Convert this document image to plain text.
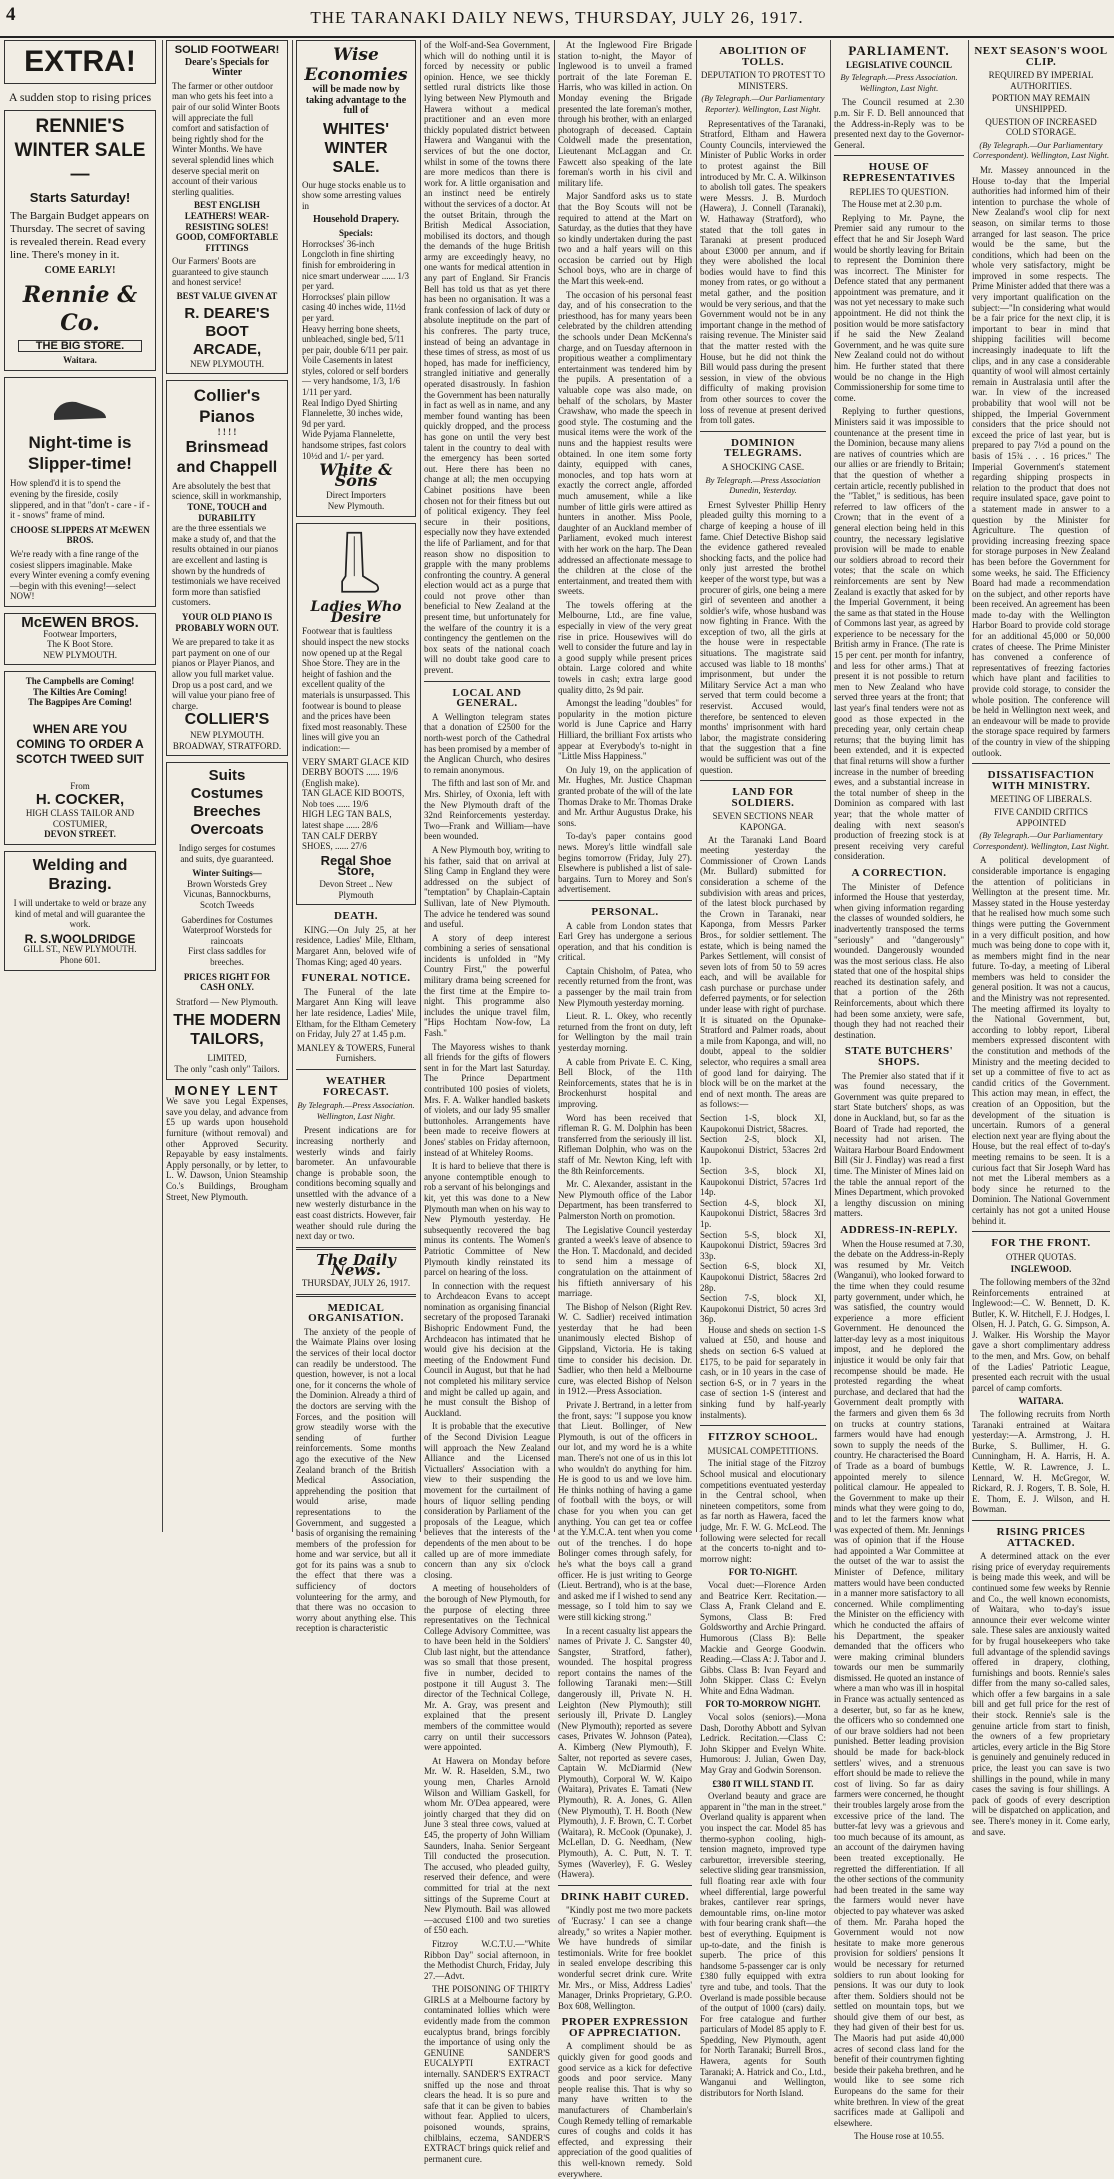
4	THE TARANAKI DAILY NEWS, THURSDAY, JULY 26, 1917.
EXTRA!
A sudden stop to rising prices
RENNIE'S WINTER SALE—
Starts Saturday!
The Bargain Budget appears on Thursday. The secret of saving is revealed therein. Read every line. There's money in it.
COME EARLY!
Rennie & Co.
THE BIG STORE.
Waitara.
Night-time is Slipper-time!
How splend'd it is to spend the evening by the fireside, cosily slippered, and in that "don't - care - if - it - snows" frame of mind.
CHOOSE SLIPPERS AT McEWEN BROS.
We're ready with a fine range of the cosiest slippers imaginable. Make every Winter evening a comfy evening—begin with this evening!—select NOW!
McEWEN BROS.
Footwear Importers,
The K Boot Store.
NEW PLYMOUTH.
The Campbells are Coming!
The Kilties Are Coming!
The Bagpipes Are Coming!
WHEN ARE YOU COMING TO ORDER A SCOTCH TWEED SUIT
From
H. COCKER,
HIGH CLASS TAILOR AND COSTUMIER,
DEVON STREET.
Welding and Brazing.
I will undertake to weld or braze any kind of metal and will guarantee the work.
R. S.WOOLDRIDGE
GILL ST., NEW PLYMOUTH.
Phone 601.
SOLID FOOTWEAR!
Deare's Specials for Winter
The farmer or other outdoor man who gets his feet into a pair of our solid Winter Boots will appreciate the full comfort and satisfaction of being rightly shod for the Winter Months. We have several splendid lines which deserve special merit on account of their various sterling qualities.
BEST ENGLISH LEATHERS! WEAR-RESISTING SOLES! GOOD, COMFORTABLE FITTINGS
Our Farmers' Boots are guaranteed to give staunch and honest service!
BEST VALUE GIVEN AT
R. DEARE'S BOOT ARCADE,
NEW PLYMOUTH.
Collier's Pianos
! ! ! !
Brinsmead and Chappell
Are absolutely the best that science, skill in workmanship,
TONE, TOUCH and DURABILITY
are the three essentials we make a study of, and that the results obtained in our pianos are excellent and lasting is shown by the hundreds of testimonials we have received form more than satisfied customers.
YOUR OLD PIANO IS PROBABLY WORN OUT.
We are prepared to take it as part payment on one of our pianos or Player Pianos, and allow you full market value. Drop us a post card, and we will value your piano free of charge.
COLLIER'S
NEW PLYMOUTH. BROADWAY, STRATFORD.
Suits Costumes Breeches Overcoats
Indigo serges for costumes and suits, dye guaranteed.
Winter Suitings—
Brown Worsteds Grey Vicunas, Bannockburns, Scotch Tweeds
Gaberdines for Costumes
Waterproof Worsteds for raincoats
First class saddles for breeches.
PRICES RIGHT FOR CASH ONLY.
Stratford — New Plymouth.
THE MODERN TAILORS,
LIMITED,
The only "cash only" Tailors.
MONEY LENT
We save you Legal Expenses, save you delay, and advance from £5 up wards upon household furniture (without removal) and other Approved Security. Repayable by easy instalments. Apply personally, or by letter, to L. W. Dawson, Union Steamship Co.'s Buildings, Brougham Street, New Plymouth.
Wise Economies
will be made now by taking advantage to the full of
WHITES' WINTER SALE.
Our huge stocks enable us to show some arresting values in
Household Drapery.
Specials:
Horrockses' 36-inch Longcloth in fine shirting finish for embroidering in nice smart underwear ...... 1/3 per yard.
Horrockses' plain pillow casing 40 inches wide, 11½d per yard.
Heavy herring bone sheets, unbleached, single bed, 5/11 per pair, double 6/11 per pair.
Voile Casements in latest styles, colored or self borders — very handsome, 1/3, 1/6 1/11 per yard.
Real Indigo Dyed Shirting Flannelette, 30 inches wide, 9d per yard.
Wide Pyjama Flannelette, handsome stripes, fast colors 10½d and 1/- per yard.
White & Sons
Direct Importers
New Plymouth.
Ladies Who Desire
Footwear that is faultless should inspect the new stocks now opened up at the Regal Shoe Store. They are in the height of fashion and the excellent quality of the materials is unsurpassed. This footwear is bound to please and the prices have been fixed most reasonably. These lines will give you an indication:—
VERY SMART GLACE KID DERBY BOOTS ...... 19/6
(English make).
TAN GLACE KID BOOTS, Nob toes ...... 19/6
HIGH LEG TAN BALS, latest shape ...... 28/6
TAN CALF DERBY SHOES, ...... 27/6
Regal Shoe Store,
Devon Street .. New Plymouth
DEATH.

KING.—On July 25, at her residence, Ladies' Mile, Eltham, Margaret Ann, beloved wife of Thomas King; aged 40 years.

FUNERAL NOTICE.

The Funeral of the late Margaret Ann King will leave her late residence, Ladies' Mile, Eltham, for the Eltham Cemetery on Friday, July 27 at 1.45 p.m.

MANLEY & TOWERS, Funeral Furnishers.
WEATHER FORECAST.
By Telegraph.—Press Association. Wellington, Last Night.

Present indications are for increasing northerly and westerly winds and fairly barometer. An unfavourable change is probable soon, the conditions becoming squally and unsettled with the advance of a new westerly disturbance in the east coast districts. However, fair weather should rule during the next day or two.

The Daily News.
THURSDAY, JULY 26, 1917.
MEDICAL ORGANISATION.

The anxiety of the people of the Waimate Plains over losing the services of their local doctor can readily be understood. The question, however, is not a local one, for it concerns the whole of the Dominion. Already a third of the doctors are serving with the Forces, and the position will grow steadily worse with the sending of further reinforcements. Some months ago the executive of the New Zealand branch of the British Medical Association, apprehending the position that would arise, made representations to the Government, and suggested a basis of organising the remaining members of the profession for home and war service, but all it got for its pains was a snub to the effect that there was a sufficiency of doctors volunteering for the army, and that there was no occasion to worry about anything else. This reception is characteristic

of the Wolf-and-Sea Government, which will do nothing until it is forced by necessity or public opinion. Hence, we see thickly settled rural districts like those lying between New Plymouth and Hawera without a medical practitioner and an even more thickly populated district between Hawera and Wanganui with the services of but the one doctor, whilst in some of the towns there are more medicos than there is work for. A little organisation and an instinct need be entirely without the services of a doctor. At the outset Britain, through the British Medical Association, mobilised its doctors, and though the demands of the huge British army are exceedingly heavy, no one wants for medical attention in any part of England. Sir Francis Bell has told us that as yet there has been no organisation. It was a frank confession of lack of duty or absolute ineptitude on the part of his confreres. The party truce, instead of being an advantage in these times of stress, as most of us hoped, has made for inefficiency, strangled initiative and generally operated disastrously. In fashion the Government has been naturally in fact as well as in name, and any member found wanting has been quickly dropped, and the process has gone on until the very best talent in the country to deal with the emergency has been sorted out. Here there has been no change at all; the men occupying Cabinet positions have been chosen not for their fitness but out of political exigency. They feel secure in their positions, especially now they have extended the life of Parliament, and for that reason show no disposition to grapple with the many problems confronting the country. A general election would act as a purge that could not prove other than beneficial to New Zealand at the present time, but unfortunately for the welfare of the country it is a contingency the gentlemen on the box seats of the national coach will no doubt take good care to prevent.

LOCAL AND GENERAL.

A Wellington telegram states that a donation of £2500 for the north-west porch of the Cathedral has been promised by a member of the Anglican Church, who desires to remain anonymous.

The fifth and last son of Mr. and Mrs. Shirley, of Oxonia, left with the New Plymouth draft of the 32nd Reinforcements yesterday. Two—Frank and William—have been wounded.

A New Plymouth boy, writing to his father, said that on arrival at Sling Camp in England they were addressed on the subject of "temptation" by Chaplain-Captain Sullivan, late of New Plymouth. The advice he tendered was sound and useful.

A story of deep interest combining a series of sensational incidents is unfolded in "My Country First," the powerful military drama being screened for the first time at the Empire to-night. This programme also includes the unique travel film, "Hips Hochtam Now-fow, La Fash."

The Mayoress wishes to thank all friends for the gifts of flowers sent in for the Mart last Saturday. The Prince Department contributed 100 posies of violets, Mrs. F. A. Walker handled baskets of violets, and our lady 95 smaller buttonholes. Arrangements have been made to receive flowers at Jones' stables on Friday afternoon, instead of at Whiteley Rooms.

It is hard to believe that there is anyone contemptible enough to rob a servant of his belongings and kit, yet this was done to a New Plymouth man when on his way to New Plymouth yesterday. He subsequently recovered the bag minus its contents. The Women's Patriotic Committee of New Plymouth kindly reinstated its parcel on hearing of the loss.

In connection with the request to Archdeacon Evans to accept nomination as organising financial secretary of the proposed Taranaki Bishopric Endowment Fund, the Archdeacon has intimated that he would give his decision at the meeting of the Endowment Fund Council in August, but that he had not completed his military service and might be called up again, and he must consult the Bishop of Auckland.

It is probable that the executive of the Second Division League will approach the New Zealand Alliance and the Licensed Victuallers' Association with a view to their suspending the movement for the curtailment of hours of liquor selling pending consideration by Parliament of the proposals of the League, which believes that the interests of the dependents of the men about to be called up are of more immediate concern than any six o'clock closing.

A meeting of householders of the borough of New Plymouth, for the purpose of electing three representatives on the Technical College Advisory Committee, was to have been held in the Soldiers' Club last night, but the attendance was so small that those present, five in number, decided to postpone it till August 3. The director of the Technical College, Mr. A. Gray, was present and explained that the present members of the committee would carry on until their successors were appointed.

At Hawera on Monday before Mr. W. R. Haselden, S.M., two young men, Charles Arnold Wilson and William Gaskell, for whom Mr. O'Dea appeared, were jointly charged that they did on June 3 steal three cows, valued at £45, the property of John William Saunders, Inaha. Senior Sergeant Till conducted the prosecution. The accused, who pleaded guilty, reserved their defence, and were committed for trial at the next sittings of the Supreme Court at New Plymouth. Bail was allowed—accused £100 and two sureties of £50 each.

Fitzroy W.C.T.U.—"White Ribbon Day" social afternoon, in the Methodist Church, Friday, July 27.—Advt.

THE POISONING OF THIRTY GIRLS at a Melbourne factory by contaminated lollies which were evidently made from the common eucalyptus brand, brings forcibly the importance of using only the GENUINE SANDER'S EUCALYPTI EXTRACT internally. SANDER'S EXTRACT sniffed up the nose and throat clears the head. It is so pure and safe that it can be given to babies without fear. Applied to ulcers, poisoned wounds, sprains, chilblains, eczema, SANDER'S EXTRACT brings quick relief and permanent cure.

At the Inglewood Fire Brigade station to-night, the Mayor of Inglewood is to unveil a framed portrait of the late Foreman E. Harris, who was killed in action. On Monday evening the Brigade presented the late foreman's mother, through his brother, with an enlarged photograph of deceased. Captain Coldwell made the presentation, Lieutenant McLaggan and Cr. Fawcett also speaking of the late foreman's worth in his civil and military life.

Major Sandford asks us to state that the Boy Scouts will not be required to attend at the Mart on Saturday, as the duties that they have so kindly undertaken during the past two and a half years will on this occasion be carried out by High School boys, who are in charge of the Mart this week-end.

The occasion of his personal feast day, and of his consecration to the priesthood, has for many years been celebrated by the children attending the schools under Dean McKenna's charge, and on Tuesday afternoon in propitious weather a complimentary entertainment was tendered him by the pupils. A presentation of a valuable cope was also made, on behalf of the scholars, by Master Crawshaw, who made the speech in good style. The costuming and the musical items were the work of the nuns and the happiest results were obtained. In one item some forty dainty, equipped with canes, monocles, and top hats worn at exactly the correct angle, afforded much amusement, while a like number of little girls were attired as hunters in another. Miss Poole, daughter of an Auckland member of Parliament, evoked much interest with her work on the harp. The Dean addressed an affectionate message to the children at the close of the entertainment, and treated them with sweets.

The towels offering at the Melbourne, Ltd., are fine value, especially in view of the very great rise in price. Housewives will do well to consider the future and lay in a good supply while present prices obtain. Large colored and white towels in cash; extra large good quality ditto, 2s 9d pair.

Amongst the leading "doubles" for popularity in the motion picture world is June Caprice and Harry Hilliard, the brilliant Fox artists who appear at Everybody's to-night in "Little Miss Happiness."

On July 19, on the application of Mr. Hughes, Mr. Justice Chapman granted probate of the will of the late Thomas Drake to Mr. Thomas Drake and Mr. Arthur Augustus Drake, his sons.

To-day's paper contains good news. Morey's little windfall sale begins tomorrow (Friday, July 27). Elsewhere is published a list of sale-bargains. Turn to Morey and Son's advertisement.

PERSONAL.

A cable from London states that Earl Grey has undergone a serious operation, and that his condition is critical.

Captain Chisholm, of Patea, who recently returned from the front, was a passenger by the mail train from New Plymouth yesterday morning.

Lieut. R. L. Okey, who recently returned from the front on duty, left for Wellington by the mail train yesterday morning.

A cable from Private E. C. King, Bell Block, of the 11th Reinforcements, states that he is in Brockenhurst hospital and improving.

Word has been received that rifleman R. G. M. Dolphin has been transferred from the seriously ill list. Rifleman Dolphin, who was on the staff of Mr. Newton King, left with the 8th Reinforcements.

Mr. C. Alexander, assistant in the New Plymouth office of the Labor Department, has been transferred to Palmerston North on promotion.

The Legislative Council yesterday granted a week's leave of absence to the Hon. T. Macdonald, and decided to send him a message of congratulation on the attainment of his fiftieth anniversary of his marriage.

The Bishop of Nelson (Right Rev. W. C. Sadlier) received intimation yesterday that he had been unanimously elected Bishop of Gippsland, Victoria. He is taking time to consider his decision. Dr. Sadlier, who then held a Melbourne cure, was elected Bishop of Nelson in 1912.—Press Association.

Private J. Bertrand, in a letter from the front, says: "I suppose you know that Lieut. Bollinger, of New Plymouth, is out of the officers in our lot, and my word he is a white man. There's not one of us in this lot who wouldn't do anything for him. He is good to us and we love him. He thinks nothing of having a game of football with the boys, or will chase for you when you can get anything. You can get tea or coffee at the Y.M.C.A. tent when you come out of the trenches. I do hope Bolinger comes through safely, for he's what the boys call a grand officer. He is just writing to George (Lieut. Bertrand), who is at the base, and asked me if I wished to send any message, so I told him to say we were still kicking strong."

In a recent casualty list appears the names of Private J. C. Sangster 40, Sangster, Stratford, father), wounded. The hospital progress report contains the names of the following Taranaki men:—Still dangerously ill, Private N. H. Leighton (New Plymouth); still seriously ill, Private D. Langley (New Plymouth); reported as severe cases, Privates W. Johnson (Patea), A. Kimberg (New Plymouth), F. Salter, not reported as severe cases, Captain W. McDiarmid (New Plymouth), Corporal W. W. Kaipo (Waitara), Privates E. Tamati (New Plymouth), R. A. Jones, G. Allen (New Plymouth), T. H. Booth (New Plymouth), J. F. Brown, C. T. Corbet (Waitara), R. McCook (Opunake), J. McLellan, D. G. Needham, (New Plymouth), A. C. Putt, N. T. T. Symes (Waverley), F. G. Wesley (Hawera).

DRINK HABIT CURED.

"Kindly post me two more packets of 'Eucrasy.' I can see a change already," so writes a Napier mother. We have hundreds of similar testimonials. Write for free booklet in sealed envelope describing this wonderful secret drink cure. Write Mr. Mrs., or Miss, Address Ladies' Manager, Drinks Proprietary, G.P.O. Box 608, Wellington.

PROPER EXPRESSION OF APPRECIATION.

A compliment should be as quickly given for good goods and good service as a kick for defective goods and poor service. Many people realise this. That is why so many have written to the manufacturers of Chamberlain's Cough Remedy telling of remarkable cures of coughs and colds it has effected, and expressing their appreciation of the good qualities of this well-known remedy. Sold everywhere.

ABOLITION OF TOLLS.
DEPUTATION TO PROTEST TO MINISTERS.
(By Telegraph.—Our Parliamentary Reporter). Wellington, Last Night.

Representatives of the Taranaki, Stratford, Eltham and Hawera County Councils, interviewed the Minister of Public Works in order to protest against the Bill introduced by Mr. C. A. Wilkinson to abolish toll gates. The speakers were Messrs. J. B. Murdoch (Hawera), J. Connell (Taranaki), W. Hathaway (Stratford), who stated that the toll gates in Taranaki at present produced about £3000 per annum, and if they were abolished the local bodies would have to find this money from rates, or go without a metal gather, and the position would be very serious, and that the Government would not be in any important change in the method of raising revenue. The Minister said that the matter rested with the House, but he did not think the Bill would pass during the present session, in view of the obvious difficulty of making provision from other sources to cover the loss of revenue at present derived from toll gates.

DOMINION TELEGRAMS.
A SHOCKING CASE.
By Telegraph.—Press Association Dunedin, Yesterday.

Ernest Sylvester Phillip Henry pleaded guilty this morning to a charge of keeping a house of ill fame. Chief Detective Bishop said the evidence gathered revealed shocking facts, and the police had only just arrested the brothel keeper of the worst type, but was a procurer of girls, one being a mere girl of seventeen and another a soldier's wife, whose husband was now fighting in France. With the exception of two, all the girls at the house were in respectable situations. The magistrate said accused was liable to 18 months' imprisonment, but under the Military Service Act a man who served that term could become a reservist. Accused would, therefore, be sentenced to eleven months' imprisonment with hard labor, the magistrate considering that the suggestion that a fine would be sufficient was out of the question.

LAND FOR SOLDIERS.
SEVEN SECTIONS NEAR KAPONGA.

At the Taranaki Land Board meeting yesterday the Commissioner of Crown Lands (Mr. Bullard) submitted for consideration a scheme of the subdivision with areas and prices, of the latest block purchased by the Crown in Taranaki, near Kaponga, from Messrs Parker Bros., for soldier settlement. The estate, which is being named the Parkes Settlement, will consist of seven lots of from 50 to 59 acres each, and will be available for cash purchase or purchase under deferred payments, or for selection under lease with right of purchase. It is situated on the Opunake-Stratford and Palmer roads, about a mile from Kaponga, and will, no doubt, appeal to the soldier selector, who requires a small area of good land for dairying. The block will be on the market at the end of next month. The areas are as follows:—

Section 1-S, block XI, Kaupokonui District, 58acres.
Section 2-S, block XI, Kaupokonui District, 53acres 2rd 1p.
Section 3-S, block XI, Kaupokonui District, 57acres 1rd 14p.
Section 4-S, block XI, Kaupokonui District, 58acres 3rd 1p.
Section 5-S, block XI, Kaupokonui District, 59acres 3rd 33p.
Section 6-S, block XI, Kaupokonui District, 58acres 2rd 28p.
Section 7-S, block XI, Kaupokonui District, 50 acres 3rd 36p.

House and sheds on section 1-S valued at £50, and house and sheds on section 6-S valued at £175, to be paid for separately in cash, or in 10 years in the case of section 6-S, or in 7 years in the case of section 1-S (interest and sinking fund by half-yearly instalments).

FITZROY SCHOOL.
MUSICAL COMPETITIONS.

The initial stage of the Fitzroy School musical and elocutionary competitions eventuated yesterday in the Central school, when nineteen competitors, some from as far north as Hawera, faced the judge, Mr. F. W. G. McLeod. The following were selected for recall at the concerts to-night and to-morrow night:

FOR TO-NIGHT.

Vocal duet:—Florence Arden and Beatrice Kerr. Recitation.—Class A, Frank Cleland and E. Symons, Class B: Fred Goldsworthy and Archie Pringard. Humorous (Class B): Belle Mackie and George Goodwin. Reading.—Class A: J. Tabor and J. Gibbs. Class B: Ivan Feyard and John Skipper. Class C: Evelyn White and Edna Wadman.

FOR TO-MORROW NIGHT.

Vocal solos (seniors).—Mona Dash, Dorothy Abbott and Sylvan Ledrick. Recitation.—Class C: John Skipper and Evelyn White. Humorous: J. Julian, Gwen Day, May Gray and Godwin Sorenson.

£380 IT WILL STAND IT.

Overland beauty and grace are apparent in "the man in the street." Overland quality is apparent when you inspect the car. Model 85 has thermo-syphon cooling, high-tension magneto, improved type carburettor, irreversible steering, selective sliding gear transmission, full floating rear axle with four wheel differential, large powerful brakes, cantilever rear springs, demountable rims, on-line motor with four bearing crank shaft—the best of everything. Equipment is up-to-date, and the finish is superb. The price of this handsome 5-passenger car is only £380 fully equipped with extra tyre and tube, and tools. That the Overland is made possible because of the output of 1000 (cars) daily. For free catalogue and further particulars of Model 85 apply to F. Spedding, New Plymouth, agent for North Taranaki; Burrell Bros., Hawera, agents for South Taranaki; A. Hatrick and Co., Ltd., Wanganui and Wellington, distributors for North Island.

PARLIAMENT.
LEGISLATIVE COUNCIL
By Telegraph.—Press Association. Wellington, Last Night.

The Council resumed at 2.30 p.m. Sir F. D. Bell announced that the Address-in-Reply was to be presented next day to the Governor-General.

HOUSE OF REPRESENTATIVES
REPLIES TO QUESTION.

The House met at 2.30 p.m.

Replying to Mr. Payne, the Premier said any rumour to the effect that he and Sir Joseph Ward would be shortly leaving for Britain to represent the Dominion there was incorrect. The Minister for Defence stated that any permanent appointment was premature, and it was not yet necessary to make such appointment. He did not think the position would be more satisfactory if he said the New Zealand Government, and he was quite sure New Zealand could not do without him. He further stated that there would be no change in the High Commissionership for some time to come.

Replying to further questions, Ministers said it was impossible to countenance at the present time in the Dominion, because many aliens are natives of countries which are our allies or are friendly to Britain; that the question of whether a certain article, recently published in the "Tablet," is seditious, has been referred to law officers of the Crown; that in the event of a general election being held in this country, the necessary legislative provision will be made to enable our soldiers abroad to record their votes; that the scale on which reinforcements are sent by New Zealand is exactly that asked for by the Imperial Government, it being the same as that stated in the House of Commons last year, as agreed by experience to be necessary for the British army in France. (The rate is 15 per cent. per month for infantry, and less for other arms.) That at present it is not possible to return men to New Zealand who have served three years at the front; that last year's final tenders were not as good as those expected in the preceding year, only certain cheap returns; that the buying limit has been extended, and it is expected that final returns will show a further increase in the number of breeding ewes, and a substantial increase in the total number of sheep in the Dominion as compared with last year; that the whole matter of dealing with next season's production of freezing stock is at present receiving very careful consideration.

A CORRECTION.

The Minister of Defence informed the House that yesterday, when giving information regarding the classes of wounded soldiers, he inadvertently transposed the terms "seriously" and "dangerously" wounded. Dangerously wounded was the most serious class. He also stated that one of the hospital ships reached its destination safely, and that a portion of the 26th Reinforcements, about which there had been some anxiety, were safe, though they had not reached their destination.

STATE BUTCHERS' SHOPS.

The Premier also stated that if it was found necessary, the Government was quite prepared to start State butchers' shops, as was done in Auckland, but, so far as the Board of Trade had reported, the necessity had not arisen. The Waitara Harbour Board Endowment Bill (Sir J. Findlay) was read a first time. The Minister of Mines laid on the table the annual report of the Mines Department, which provoked a lengthy discussion on mining matters.

ADDRESS-IN-REPLY.

When the House resumed at 7.30, the debate on the Address-in-Reply was resumed by Mr. Veitch (Wanganui), who looked forward to the time when they could resume party government, under which, he was satisfied, the country would experience a more efficient Government. He denounced the latter-day levy as a most iniquitous impost, and he deplored the injustice it would be only fair that recompense should be made. He protested regarding the wheat purchase, and declared that had the Government dealt promptly with the farmers and given them 6s 3d on trucks at country stations, farmers would have had enough sown to supply the needs of the country. He characterised the Board of Trade as a board of bumbugs appointed merely to silence political clamour. He appealed to the Government to make up their minds what they were going to do, and to let the farmers know what was expected of them. Mr. Jennings was of opinion that if the House had appointed a War Committee at the outset of the war to assist the Minister of Defence, military matters would have been conducted in a manner more satisfactory to all concerned. While complimenting the Minister on the efficiency with which he conducted the affairs of his Department, the speaker demanded that the officers who were making criminal blunders towards our men be summarily dismissed. He quoted an instance of where a man who was ill in hospital in France was actually sentenced as a deserter, but, so far as he knew, the officers who so condemned one of our brave soldiers had not been punished. Better leading provision should be made for back-block settlers' wives, and a strenuous effort should be made to relieve the cost of living. So far as dairy farmers were concerned, he thought their troubles largely arose from the excessive price of the land. The butter-fat levy was a grievous and too much because of its amount, as an account of the dairymen having been treated exceptionally. He regretted the differentiation. If all the other sections of the community had been treated in the same way the farmers would never have objected to pay whatever was asked of them. Mr. Paraha hoped the Government would not now hesitate to make more generous provision for soldiers' pensions It would be necessary for returned soldiers to run about looking for pensions. It was our duty to look after them. Soldiers should not be settled on mountain tops, but we should give them of our best, as they had given of their best for us. The Maoris had put aside 40,000 acres of second class land for the benefit of their countrymen fighting beside their pakeha brethren, and he would like to see some rich Europeans do the same for their white brethren. In view of the great sacrifices made at Gallipoli and elsewhere.

The House rose at 10.55.
NEXT SEASON'S WOOL CLIP.
REQUIRED BY IMPERIAL AUTHORITIES.
PORTION MAY REMAIN UNSHIPPED.
QUESTION OF INCREASED COLD STORAGE.
(By Telegraph.—Our Parliamentary Correspondent). Wellington, Last Night.

Mr. Massey announced in the House to-day that the Imperial authorities had informed him of their intention to purchase the whole of New Zealand's wool clip for next season, on similar terms to those arranged for last season. The price would be the same, but the conditions, which had been on the whole very satisfactory, might be improved in some respects. The Prime Minister added that there was a very important qualification on the subject:—"In considering what would be a fair price for the next clip, it is important to bear in mind that shipping facilities will become increasingly inadequate to lift the clips, and in any case a considerable quantity of wool will almost certainly remain in Australasia until after the war. In view of the increased probability that wool will not be shipped, the Imperial Government considers that the price should not exceed the price of last year, but is prepared to pay 7½d a pound on the basis of 15¾ . . . 16 prices." The Imperial Government's statement regarding shipping prospects in relation to the product that does not require insulated space, gave point to a statement made in answer to a question by the Minister for Agriculture. The question of providing increasing freezing space for storage purposes in New Zealand has been before the Government for some weeks, he said. The Efficiency Board had made a recommendation on the subject, and other reports have been received. An agreement has been made to-day with the Wellington Harbor Board to provide cold storage for an additional 45,000 or 50,000 crates of cheese. The Prime Minister has convened a conference of representatives of freezing factories which have plant and facilities to provide cold storage, to consider the whole position. The conference will be held in Wellington next week, and an endeavour will be made to provide the storage space required by farmers of the country in view of the shipping outlook.

DISSATISFACTION WITH MINISTRY.
MEETING OF LIBERALS.
FIVE CANDID CRITICS APPOINTED
(By Telegraph.—Our Parliamentary Correspondent). Wellington, Last Night.

A political development of considerable importance is engaging the attention of politicians in Wellington at the present time. Mr. Massey stated in the House yesterday that he realised how much some such things were putting the Government in a very difficult position, and how much was being done to cope with it, as members might find in the near future. To-day, a meeting of Liberal members was held to consider the general position. It was not a caucus, and the Ministry was not represented. The meeting affirmed its loyalty to the National Government, but, according to lobby report, Liberal members expressed discontent with the constitution and methods of the Ministry and the meeting decided to set up a committee of five to act as candid critics of the Government. This action may mean, in effect, the creation of an Opposition, but the development of the situation is uncertain. Rumors of a general election next year are flying about the House, but the real effect of to-day's meeting remains to be seen. It is a curious fact that Sir Joseph Ward has not met the Liberal members as a body since he returned to the Dominion. The National Government certainly has not got a united House behind it.

FOR THE FRONT.
OTHER QUOTAS.
INGLEWOOD.

The following members of the 32nd Reinforcements entrained at Inglewood:—C. W. Bennett, D. K. Butler, K. W. Hitchell, F. J. Hodges, I. Olsen, H. J. Patch, G. G. Simpson, A. J. Walker. His Worship the Mayor gave a short complimentary address to the men, and Mrs. Gow, on behalf of the Ladies' Patriotic League, presented each recruit with the usual parcel of camp comforts.

WAITARA.

The following recruits from North Taranaki entrained at Waitara yesterday:—A. Armstrong, J. H. Burke, S. Bullimer, H. G. Cunningham, H. A. Harris, H. A. Kettle, W. R. Lawrence, J. L. Lennard, W. H. McGregor, W. Rickard, R. J. Rogers, T. B. Sole, H. E. Thom, E. J. Wilson, and H. Bowman.

RISING PRICES ATTACKED.

A determined attack on the ever rising price of everyday requirements is being made this week, and will be continued some few weeks by Rennie and Co., the well known economists, of Waitara, who to-day's issue announce their ever welcome winter sale. These sales are anxiously waited for by frugal housekeepers who take full advantage of the splendid savings offered in drapery, clothing, furnishings and boots. Rennie's sales differ from the many so-called sales, which offer a few bargains in a sale bill and get full price for the rest of their stock. Rennie's sale is the genuine article from start to finish, the owners of a few proprietary articles, every article in the Big Store is genuinely and genuinely reduced in price, the least you can save is two shillings in the pound, while in many cases the saving is four shillings. A pack of goods of every description will be dispatched on application, and see. There's money in it. Come early, and save.
